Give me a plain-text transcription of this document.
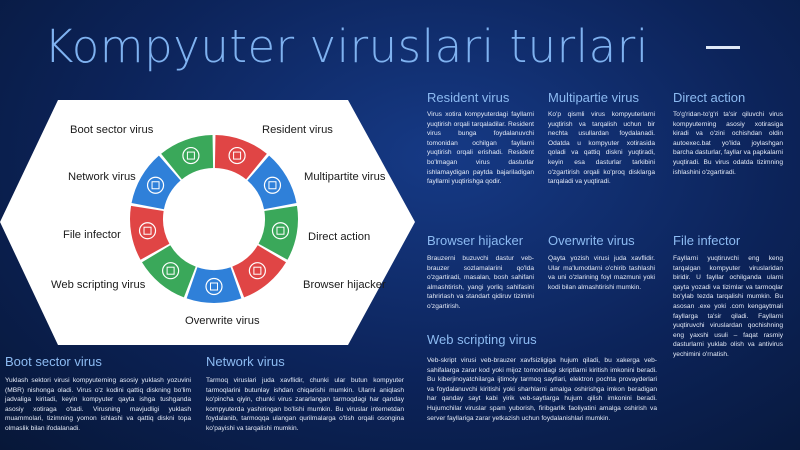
Kompyuter viruslari turlari
Boot sector virus	Resident virus
Network virus	Multipartite virus
File infector	Direct action
Web scripting virus	Browser hijacker
Overwrite virus
Resident virus
Virus xotira kompyuterdagi fayllarni yuqtirish orqali tarqaladilar. Resident virus bunga foydalanuvchi tomonidan ochilgan fayllarni yuqtirish orqali erishadi. Resident bo'lmagan virus dasturlar ishlamaydigan paytda bajariladigan fayllarni yuqtirishga qodir.
Multipartie virus
Ko'p qismli virus kompyuterlarni yuqtirish va tarqalish uchun bir nechta usullardan foydalanadi. Odatda u kompyuter xotirasida qoladi va qattiq diskni yuqtiradi, keyin esa dasturlar tarkibini o'zgartirish orqali ko'proq disklarga tarqaladi va yuqtiradi.
Direct action
To'g'ridan-to'g'ri ta'sir qiluvchi virus kompyuterning asosiy xotirasiga kiradi va o'zini ochishdan oldin autoexec.bat yo'lida joylashgan barcha dasturlar, fayllar va papkalarni yuqtiradi. Bu virus odatda tizimning ishlashini o'zgartiradi.
Browser hijacker
Brauzerni buzuvchi dastur veb-brauzer sozlamalarini qo'lda o'zgartiradi, masalan, bosh sahifani almashtirish, yangi yorliq sahifasini tahrirlash va standart qidiruv tizimini o'zgartirish.
Overwrite virus
Qayta yozish virusi juda xavflidir. Ular ma'lumotlarni o'chirib tashlashi va uni o'zlarining foyl mazmuni yoki kodi bilan almashtirishi mumkin.
File infector
Fayllarni yuqtiruvchi eng keng tarqalgan kompyuter viruslaridan biridir. U fayllar ochilganda ularni qayta yozadi va tizimlar va tarmoqlar bo'ylab tezda tarqalishi mumkin. Bu asosan .exe yoki .com kengaytmali fayllarga ta'sir qiladi. Fayllarni yuqtiruvchi viruslardan qochishning eng yaxshi usuli – faqat rasmiy dasturlarni yuklab olish va antivirus yechimini o'rnatish.
Web scripting virus
Veb-skript virusi veb-brauzer xavfsizligiga hujum qiladi, bu xakerga veb-sahifalarga zarar kod yoki mijoz tomonidagi skriptlarni kiritish imkonini beradi. Bu kiberjinoyatchilarga ijtimoiy tarmoq saytlari, elektron pochta provayderlari va foydalanuvchi kiritishi yoki sharhlarni amalga oshirishga imkon beradigan har qanday sayt kabi yirik veb-saytlarga hujum qilish imkonini beradi. Hujumchilar viruslar spam yuborish, firibgarlik faoliyatini amalga oshirish va server fayllariga zarar yetkazish uchun foydalanishlari mumkin.
Boot sector virus
Yuklash sektori virusi kompyuterning asosiy yuklash yozuvini (MBR) nishonga oladi. Virus o'z kodini qattiq diskning bo'lim jadvaliga kiritadi, keyin kompyuter qayta ishga tushganda asosiy xotiraga o'tadi. Virusning mavjudligi yuklash muammolari, tizimning yomon ishlashi va qattiq diskni topa olmaslik bilan ifodalanadi.
Network virus
Tarmoq viruslari juda xavflidir, chunki ular butun kompyuter tarmoqlarini butunlay ishdan chiqarishi mumkin. Ularni aniqlash ko'pincha qiyin, chunki virus zararlangan tarmoqdagi har qanday kompyuterda yashiringan bo'lishi mumkin. Bu viruslar internetdan foydalanib, tarmoqqa ulangan qurilmalarga o'tish orqali osongina ko'payishi va tarqalishi mumkin.
